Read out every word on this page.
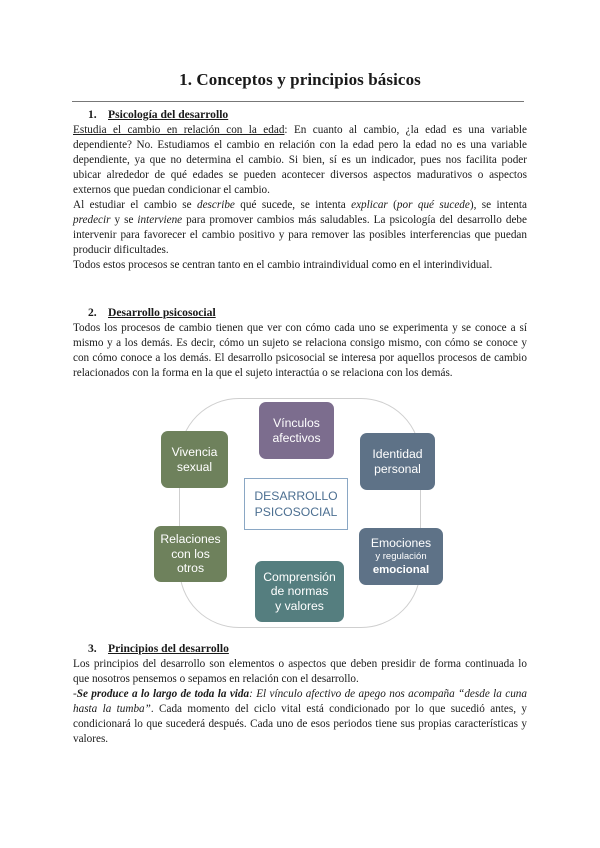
1. Conceptos y principios básicos
1. Psicología del desarrollo
Estudia el cambio en relación con la edad: En cuanto al cambio, ¿la edad es una variable dependiente? No. Estudiamos el cambio en relación con la edad pero la edad no es una variable dependiente, ya que no determina el cambio. Si bien, sí es un indicador, pues nos facilita poder ubicar alrededor de qué edades se pueden acontecer diversos aspectos madurativos o aspectos externos que puedan condicionar el cambio.
Al estudiar el cambio se describe qué sucede, se intenta explicar (por qué sucede), se intenta predecir y se interviene para promover cambios más saludables. La psicología del desarrollo debe intervenir para favorecer el cambio positivo y para remover las posibles interferencias que puedan producir dificultades.
Todos estos procesos se centran tanto en el cambio intraindividual como en el interindividual.
2. Desarrollo psicosocial
Todos los procesos de cambio tienen que ver con cómo cada uno se experimenta y se conoce a sí mismo y a los demás. Es decir, cómo un sujeto se relaciona consigo mismo, con cómo se conoce y con cómo conoce a los demás. El desarrollo psicosocial se interesa por aquellos procesos de cambio relacionados con la forma en la que el sujeto interactúa o se relaciona con los demás.
DESARROLLO
PSICOSOCIAL
Vínculos
afectivos
Identidad
personal
Emociones
y regulación
emocional
Comprensión
de normas
y valores
Relaciones
con los
otros
Vivencia
sexual
3. Principios del desarrollo
Los principios del desarrollo son elementos o aspectos que deben presidir de forma continuada lo que nosotros pensemos o sepamos en relación con el desarrollo.
-Se produce a lo largo de toda la vida: El vínculo afectivo de apego nos acompaña “desde la cuna hasta la tumba”. Cada momento del ciclo vital está condicionado por lo que sucedió antes, y condicionará lo que sucederá después. Cada uno de esos periodos tiene sus propias características y valores.
